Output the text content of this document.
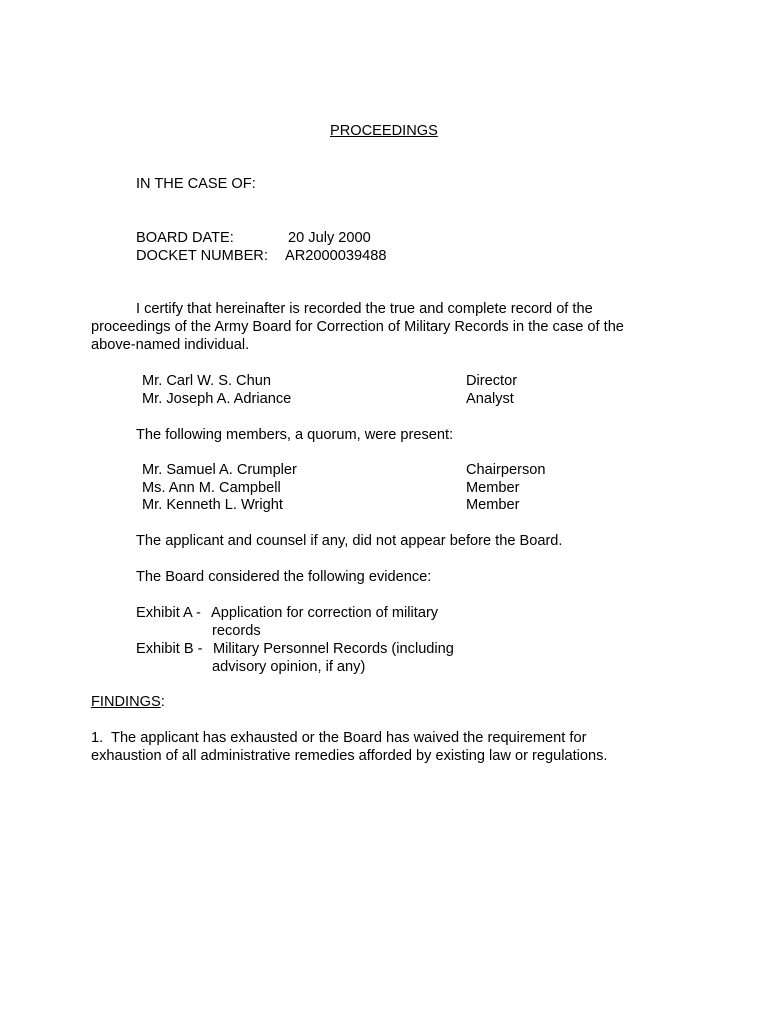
PROCEEDINGS
IN THE CASE OF:
BOARD DATE:	20 July 2000
DOCKET NUMBER: AR2000039488
I certify that hereinafter is recorded the true and complete record of the proceedings of the Army Board for Correction of Military Records in the case of the above-named individual.
Mr. Carl W. S. Chun	Director
Mr. Joseph A. Adriance	Analyst
The following members, a quorum, were present:
Mr. Samuel A. Crumpler	Chairperson
Ms. Ann M. Campbell	Member
Mr. Kenneth L. Wright	Member
The applicant and counsel if any, did not appear before the Board.
The Board considered the following evidence:
Exhibit A - Application for correction of military
records
Exhibit B - Military Personnel Records (including
advisory opinion, if any)
FINDINGS:
1. The applicant has exhausted or the Board has waived the requirement for exhaustion of all administrative remedies afforded by existing law or regulations.
